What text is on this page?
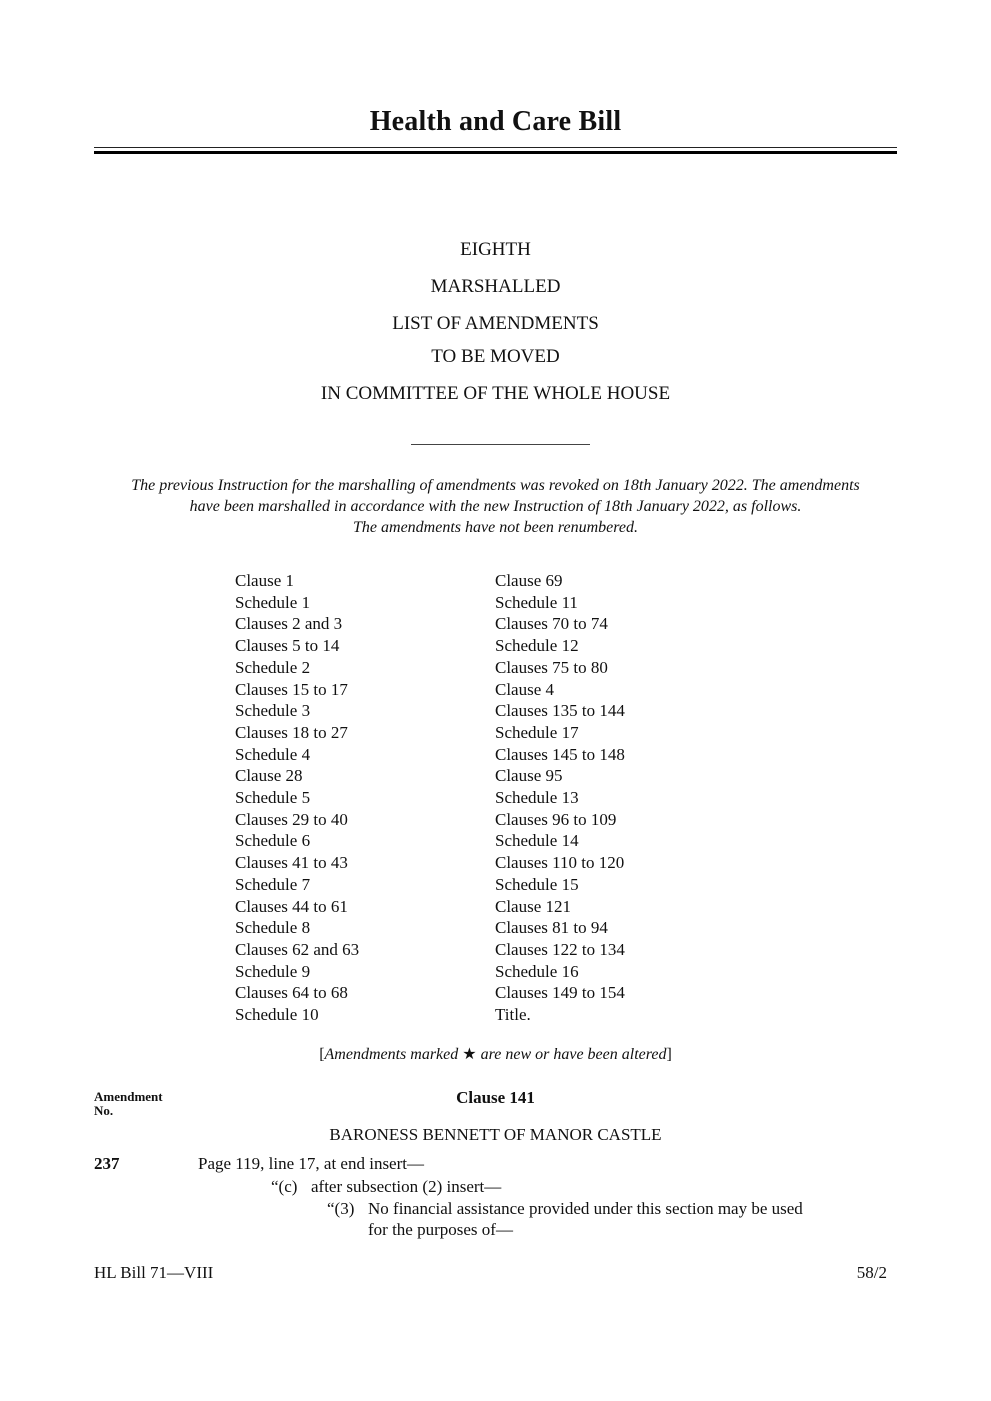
Health and Care Bill
EIGHTH
MARSHALLED
LIST OF AMENDMENTS
TO BE MOVED
IN COMMITTEE OF THE WHOLE HOUSE
The previous Instruction for the marshalling of amendments was revoked on 18th January 2022. The amendments
have been marshalled in accordance with the new Instruction of 18th January 2022, as follows.
The amendments have not been renumbered.
Clause 1
Schedule 1
Clauses 2 and 3
Clauses 5 to 14
Schedule 2
Clauses 15 to 17
Schedule 3
Clauses 18 to 27
Schedule 4
Clause 28
Schedule 5
Clauses 29 to 40
Schedule 6
Clauses 41 to 43
Schedule 7
Clauses 44 to 61
Schedule 8
Clauses 62 and 63
Schedule 9
Clauses 64 to 68
Schedule 10
Clause 69
Schedule 11
Clauses 70 to 74
Schedule 12
Clauses 75 to 80
Clause 4
Clauses 135 to 144
Schedule 17
Clauses 145 to 148
Clause 95
Schedule 13
Clauses 96 to 109
Schedule 14
Clauses 110 to 120
Schedule 15
Clause 121
Clauses 81 to 94
Clauses 122 to 134
Schedule 16
Clauses 149 to 154
Title.
[Amendments marked ★ are new or have been altered]
Amendment
No.
Clause 141
BARONESS BENNETT OF MANOR CASTLE
237	Page 119, line 17, at end insert—
“(c) after subsection (2) insert—
“(3) No financial assistance provided under this section may be used
for the purposes of—
HL Bill 71—VIII	58/2
